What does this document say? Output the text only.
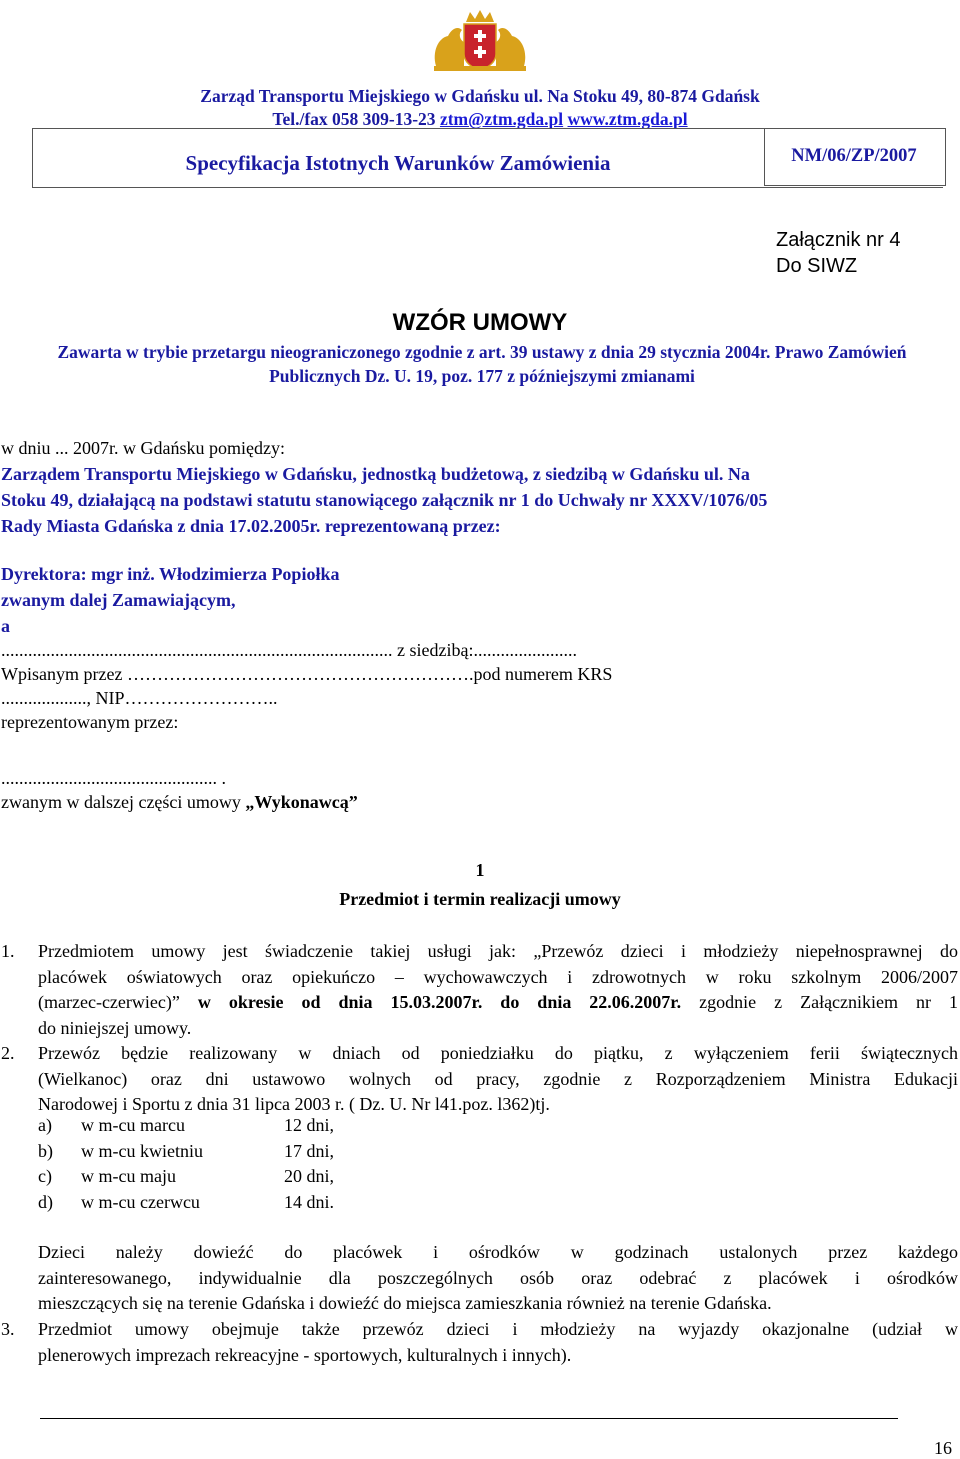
Zarząd Transportu Miejskiego w Gdańsku ul. Na Stoku 49, 80-874 Gdańsk
Tel./fax 058 309-13-23 ztm@ztm.gda.pl www.ztm.gda.pl
Specyfikacja Istotnych Warunków Zamówienia	NM/06/ZP/2007
Załącznik nr 4
Do SIWZ
WZÓR UMOWY
Zawarta w trybie przetargu nieograniczonego zgodnie z art. 39 ustawy z dnia 29 stycznia 2004r. Prawo Zamówień Publicznych Dz. U. 19, poz. 177 z późniejszymi zmianami
w dniu ... 2007r. w Gdańsku pomiędzy:
Zarządem Transportu Miejskiego w Gdańsku, jednostką budżetową, z siedzibą w Gdańsku ul. Na
Stoku 49, działającą na podstawi statutu stanowiącego załącznik nr 1 do Uchwały nr XXXV/1076/05
Rady Miasta Gdańska z dnia 17.02.2005r. reprezentowaną przez:
Dyrektora: mgr inż. Włodzimierza Popiołka
zwanym dalej Zamawiającym,
a
....................................................................................... z siedzibą:.......................
Wpisanym przez ………………………………………………….pod numerem KRS
..................., NIP……………………..
reprezentowanym przez:
................................................ .
zwanym w dalszej części umowy „Wykonawcą”
1
Przedmiot i termin realizacji umowy
1. Przedmiotem umowy jest świadczenie takiej usługi jak: „Przewóz dzieci i młodzieży niepełnosprawnej do
placówek oświatowych oraz opiekuńczo – wychowawczych i zdrowotnych w roku szkolnym 2006/2007
(marzec-czerwiec)” w okresie od dnia 15.03.2007r. do dnia 22.06.2007r. zgodnie z Załącznikiem nr 1
do niniejszej umowy.
2. Przewóz będzie realizowany w dniach od poniedziałku do piątku, z wyłączeniem ferii świątecznych
(Wielkanoc) oraz dni ustawowo wolnych od pracy, zgodnie z Rozporządzeniem Ministra Edukacji
Narodowej i Sportu z dnia 31 lipca 2003 r. ( Dz. U. Nr l41.poz. l362)tj.
a) w m-cu marcu	12 dni,
b) w m-cu kwietniu	17 dni,
c) w m-cu maju	20 dni,
d) w m-cu czerwcu	14 dni.
Dzieci należy dowieźć do placówek i ośrodków w godzinach ustalonych przez każdego
zainteresowanego, indywidualnie dla poszczególnych osób oraz odebrać z placówek i ośrodków
mieszczących się na terenie Gdańska i dowieźć do miejsca zamieszkania również na terenie Gdańska.
3. Przedmiot umowy obejmuje także przewóz dzieci i młodzieży na wyjazdy okazjonalne (udział w
plenerowych imprezach rekreacyjne - sportowych, kulturalnych i innych).
16
